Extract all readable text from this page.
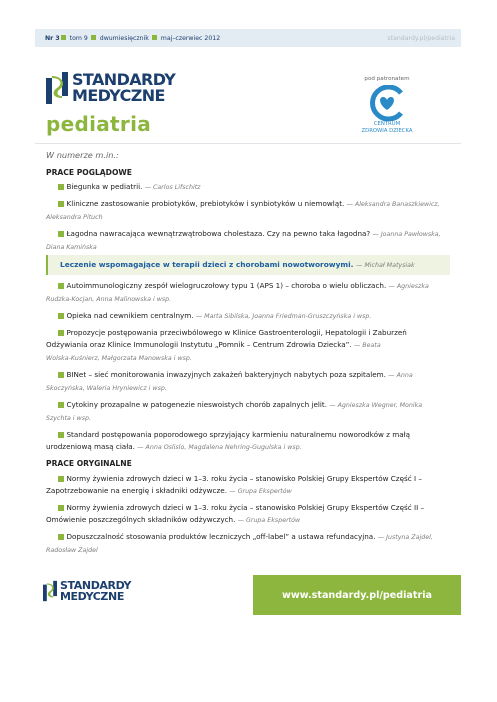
Nr 3 tom 9 dwumiesięcznik maj–czerwiec 2012	standardy.pl/pediatria
STANDARDY
MEDYCZNE
pediatria
pod patronatem
CENTRUM
ZDROWIA DZIECKA
W numerze m.in.:
PRACE POGLĄDOWE
Biegunka w pediatrii. — Carlos Lifschitz
Kliniczne zastosowanie probiotyków, prebiotyków i synbiotyków u niemowląt. — Aleksandra Banaszkiewicz,
Aleksandra Pituch
Łagodna nawracająca wewnątrzwątrobowa cholestaza. Czy na pewno taka łagodna? — Joanna Pawłowska,
Diana Kamińska
Leczenie wspomagające w terapii dzieci z chorobami nowotworowymi. — Michał Matysiak
Autoimmunologiczny zespół wielogruczołowy typu 1 (APS 1) – choroba o wielu obliczach. — Agnieszka
Rudzka-Kocjan, Anna Malinowska i wsp.
Opieka nad cewnikiem centralnym. — Marta Sibilska, Joanna Friedman-Gruszczyńska i wsp.
Propozycje postępowania przeciwbólowego w Klinice Gastroenterologii, Hepatologii i Zaburzeń
Odżywiania oraz Klinice Immunologii Instytutu „Pomnik – Centrum Zdrowia Dziecka”. — Beata
Wolska-Kuśnierz, Małgorzata Manowska i wsp.
BINet – sieć monitorowania inwazyjnych zakażeń bakteryjnych nabytych poza szpitalem. — Anna
Skoczyńska, Waleria Hryniewicz i wsp.
Cytokiny prozapalne w patogenezie nieswoistych chorób zapalnych jelit. — Agnieszka Wegner, Monika
Szychta i wsp.
Standard postępowania poporodowego sprzyjający karmieniu naturalnemu noworodków z małą
urodzeniową masą ciała. — Anna Oslislo, Magdalena Nehring-Gugulska i wsp.
PRACE ORYGINALNE
Normy żywienia zdrowych dzieci w 1–3. roku życia – stanowisko Polskiej Grupy Ekspertów Część I –
Zapotrzebowanie na energię i składniki odżywcze. — Grupa Ekspertów
Normy żywienia zdrowych dzieci w 1–3. roku życia – stanowisko Polskiej Grupy Ekspertów Część II –
Omówienie poszczególnych składników odżywczych. — Grupa Ekspertów
Dopuszczalność stosowania produktów leczniczych „off-label” a ustawa refundacyjna. — Justyna Zajdel,
Radosław Zajdel
STANDARDY
MEDYCZNE	www.standardy.pl /pediatria
